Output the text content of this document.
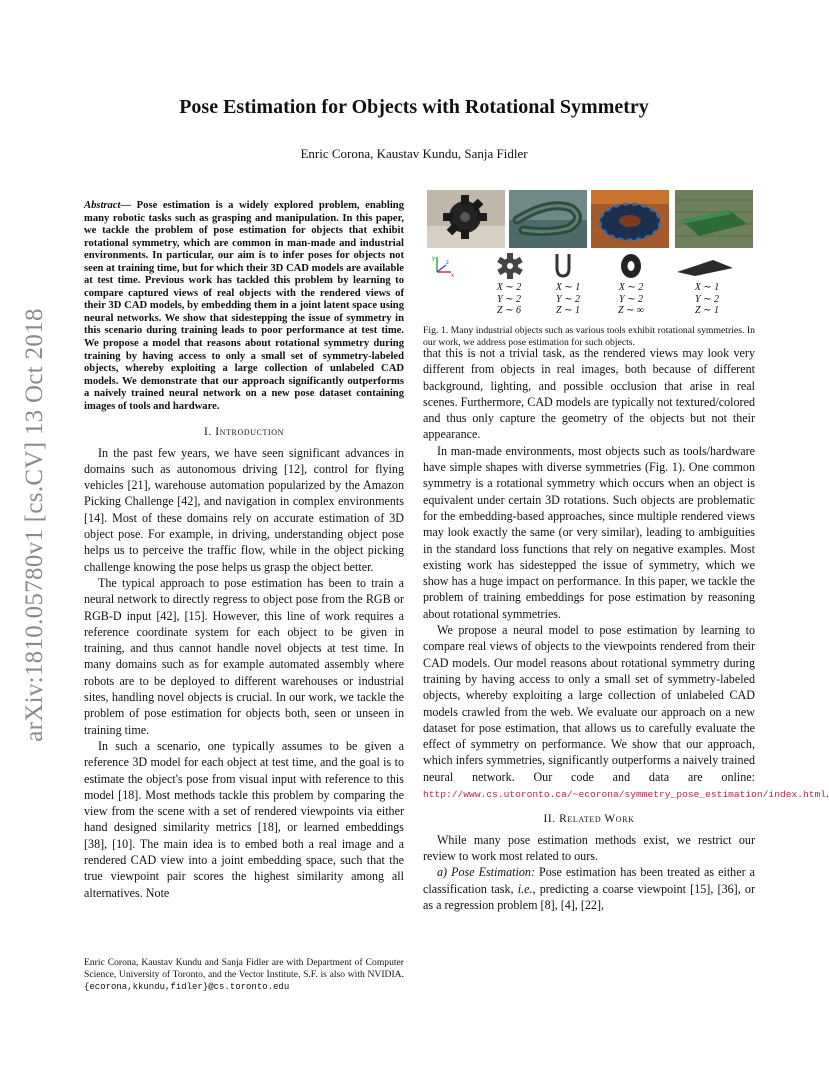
arXiv:1810.05780v1 [cs.CV] 13 Oct 2018
Pose Estimation for Objects with Rotational Symmetry

Enric Corona, Kaustav Kundu, Sanja Fidler

Abstract— Pose estimation is a widely explored problem, enabling many robotic tasks such as grasping and manipulation. In this paper, we tackle the problem of pose estimation for objects that exhibit rotational symmetry, which are common in man-made and industrial environments. In particular, our aim is to infer poses for objects not seen at training time, but for which their 3D CAD models are available at test time. Previous work has tackled this problem by learning to compare captured views of real objects with the rendered views of their 3D CAD models, by embedding them in a joint latent space using neural networks. We show that sidestepping the issue of symmetry in this scenario during training leads to poor performance at test time. We propose a model that reasons about rotational symmetry during training by having access to only a small set of symmetry-labeled objects, whereby exploiting a large collection of unlabeled CAD models. We demonstrate that our approach significantly outperforms a naively trained neural network on a new pose dataset containing images of tools and hardware.

I. Introduction

In the past few years, we have seen significant advances in domains such as autonomous driving [12], control for flying vehicles [21], warehouse automation popularized by the Amazon Picking Challenge [42], and navigation in complex environments [14]. Most of these domains rely on accurate estimation of 3D object pose. For example, in driving, understanding object pose helps us to perceive the traffic flow, while in the object picking challenge knowing the pose helps us grasp the object better.

The typical approach to pose estimation has been to train a neural network to directly regress to object pose from the RGB or RGB-D input [42], [15]. However, this line of work requires a reference coordinate system for each object to be given in training, and thus cannot handle novel objects at test time. In many domains such as for example automated assembly where robots are to be deployed to different warehouses or industrial sites, handling novel objects is crucial. In our work, we tackle the problem of pose estimation for objects both, seen or unseen in training time.

In such a scenario, one typically assumes to be given a reference 3D model for each object at test time, and the goal is to estimate the object's pose from visual input with reference to this model [18]. Most methods tackle this problem by comparing the view from the scene with a set of rendered viewpoints via either hand designed similarity metrics [18], or learned embeddings [38], [10]. The main idea is to embed both a real image and a rendered CAD view into a joint embedding space, such that the true viewpoint pair scores the highest similarity among all alternatives. Note

Enric Corona, Kaustav Kundu and Sanja Fidler are with Department of Computer Science, University of Toronto, and the Vector Institute, S.F. is also with NVIDIA. {ecorona,kkundu,fidler}@cs.toronto.edu
y
x
z
X ∼ 2
Y ∼ 2
Z ∼ 6
X ∼ 1
Y ∼ 2
Z ∼ 1
X ∼ 2
Y ∼ 2
Z ∼ ∞
X ∼ 1
Y ∼ 2
Z ∼ 1
Fig. 1. Many industrial objects such as various tools exhibit rotational symmetries. In our work, we address pose estimation for such objects.

that this is not a trivial task, as the rendered views may look very different from objects in real images, both because of different background, lighting, and possible occlusion that arise in real scenes. Furthermore, CAD models are typically not textured/colored and thus only capture the geometry of the objects but not their appearance.

In man-made environments, most objects such as tools/hardware have simple shapes with diverse symmetries (Fig. 1). One common symmetry is a rotational symmetry which occurs when an object is equivalent under certain 3D rotations. Such objects are problematic for the embedding-based approaches, since multiple rendered views may look exactly the same (or very similar), leading to ambiguities in the standard loss functions that rely on negative examples. Most existing work has sidestepped the issue of symmetry, which we show has a huge impact on performance. In this paper, we tackle the problem of training embeddings for pose estimation by reasoning about rotational symmetries.

We propose a neural model to pose estimation by learning to compare real views of objects to the viewpoints rendered from their CAD models. Our model reasons about rotational symmetry during training by having access to only a small set of symmetry-labeled objects, whereby exploiting a large collection of unlabeled CAD models crawled from the web. We evaluate our approach on a new dataset for pose estimation, that allows us to carefully evaluate the effect of symmetry on performance. We show that our approach, which infers symmetries, significantly outperforms a naively trained neural network. Our code and data are online: http://www.cs.utoronto.ca/~ecorona/symmetry_pose_estimation/index.html.

II. Related Work

While many pose estimation methods exist, we restrict our review to work most related to ours.

a) Pose Estimation: Pose estimation has been treated as either a classification task, i.e., predicting a coarse viewpoint [15], [36], or as a regression problem [8], [4], [22],
